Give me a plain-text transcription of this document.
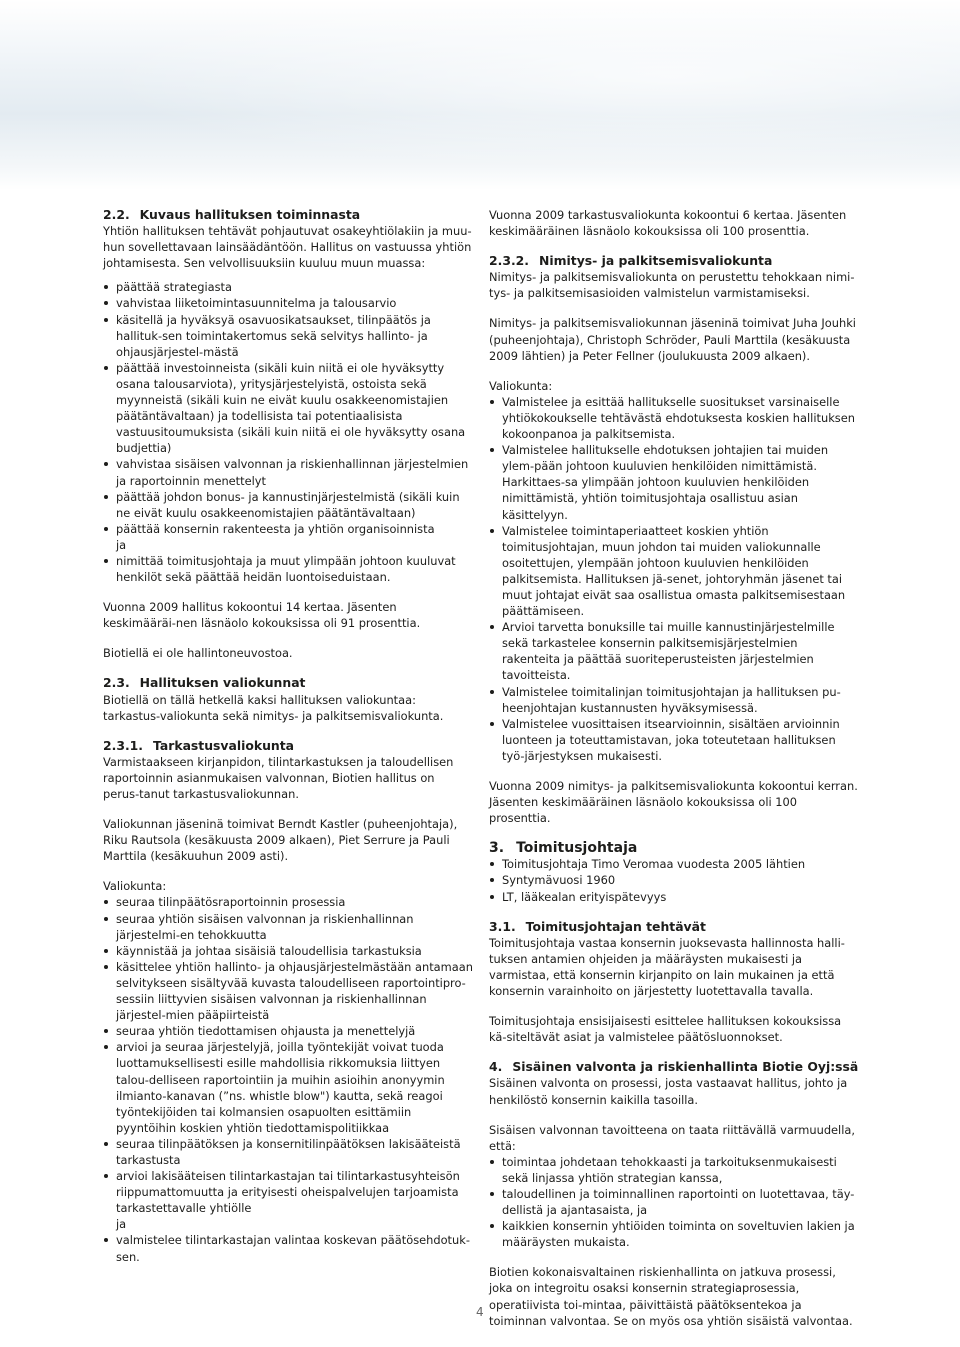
2.2. Kuvaus hallituksen toiminnasta

Yhtiön hallituksen tehtävät pohjautuvat osakeyhtiölakiin ja muu-hun sovellettavaan lainsäädäntöön. Hallitus on vastuussa yhtiön johtamisesta. Sen velvollisuuksiin kuuluu muun muassa:

päättää strategiasta
vahvistaa liiketoimintasuunnitelma ja talousarvio
käsitellä ja hyväksyä osavuosikatsaukset, tilinpäätös ja hallituk-sen toimintakertomus sekä selvitys hallinto- ja ohjausjärjestel-mästä
päättää investoinneista (sikäli kuin niitä ei ole hyväksytty osana talousarviota), yritysjärjestelyistä, ostoista sekä myynneistä (sikäli kuin ne eivät kuulu osakkeenomistajien päätäntävaltaan) ja todellisista tai potentiaalisista vastuusitoumuksista (sikäli kuin niitä ei ole hyväksytty osana budjettia)
vahvistaa sisäisen valvonnan ja riskienhallinnan järjestelmien ja raportoinnin menettelyt
päättää johdon bonus- ja kannustinjärjestelmistä (sikäli kuin ne eivät kuulu osakkeenomistajien päätäntävaltaan)
päättää konsernin rakenteesta ja yhtiön organisoinnista
ja
nimittää toimitusjohtaja ja muut ylimpään johtoon kuuluvat henkilöt sekä päättää heidän luontoiseduistaan.

Vuonna 2009 hallitus kokoontui 14 kertaa. Jäsenten keskimääräi-nen läsnäolo kokouksissa oli 91 prosenttia.

Biotiellä ei ole hallintoneuvostoa.

2.3. Hallituksen valiokunnat

Biotiellä on tällä hetkellä kaksi hallituksen valiokuntaa: tarkastus-valiokunta sekä nimitys- ja palkitsemisvaliokunta.

2.3.1. Tarkastusvaliokunta

Varmistaakseen kirjanpidon, tilintarkastuksen ja taloudellisen raportoinnin asianmukaisen valvonnan, Biotien hallitus on perus-tanut tarkastusvaliokunnan.

Valiokunnan jäseninä toimivat Berndt Kastler (puheenjohtaja), Riku Rautsola (kesäkuusta 2009 alkaen), Piet Serrure ja Pauli Marttila (kesäkuuhun 2009 asti).

Valiokunta:

seuraa tilinpäätösraportoinnin prosessia
seuraa yhtiön sisäisen valvonnan ja riskienhallinnan järjestelmi-en tehokkuutta
käynnistää ja johtaa sisäisiä taloudellisia tarkastuksia
käsittelee yhtiön hallinto- ja ohjausjärjestelmästään antamaan selvitykseen sisältyvää kuvasta taloudelliseen raportointipro-sessiin liittyvien sisäisen valvonnan ja riskienhallinnan järjestel-mien pääpiirteistä
seuraa yhtiön tiedottamisen ohjausta ja menettelyjä
arvioi ja seuraa järjestelyjä, joilla työntekijät voivat tuoda luottamuksellisesti esille mahdollisia rikkomuksia liittyen talou-delliseen raportointiin ja muihin asioihin anonyymin ilmianto-kanavan (”ns. whistle blow") kautta, sekä reagoi työntekijöiden tai kolmansien osapuolten esittämiin pyyntöihin koskien yhtiön tiedottamispolitiikkaa
seuraa tilinpäätöksen ja konsernitilinpäätöksen lakisääteistä tarkastusta
arvioi lakisääteisen tilintarkastajan tai tilintarkastusyhteisön riippumattomuutta ja erityisesti oheispalvelujen tarjoamista tarkastettavalle yhtiölle
ja
valmistelee tilintarkastajan valintaa koskevan päätösehdotuk-sen.

Vuonna 2009 tarkastusvaliokunta kokoontui 6 kertaa. Jäsenten keskimääräinen läsnäolo kokouksissa oli 100 prosenttia.

2.3.2. Nimitys- ja palkitsemisvaliokunta

Nimitys- ja palkitsemisvaliokunta on perustettu tehokkaan nimi-tys- ja palkitsemisasioiden valmistelun varmistamiseksi.

Nimitys- ja palkitsemisvaliokunnan jäseninä toimivat Juha Jouhki (puheenjohtaja), Christoph Schröder, Pauli Marttila (kesäkuusta 2009 lähtien) ja Peter Fellner (joulukuusta 2009 alkaen).

Valiokunta:

Valmistelee ja esittää hallitukselle suositukset varsinaiselle yhtiökokoukselle tehtävästä ehdotuksesta koskien hallituksen kokoonpanoa ja palkitsemista.
Valmistelee hallitukselle ehdotuksen johtajien tai muiden ylem-pään johtoon kuuluvien henkilöiden nimittämistä. Harkittaes-sa ylimpään johtoon kuuluvien henkilöiden nimittämistä, yhtiön toimitusjohtaja osallistuu asian käsittelyyn.
Valmistelee toimintaperiaatteet koskien yhtiön toimitusjohtajan, muun johdon tai muiden valiokunnalle osoitettujen, ylempään johtoon kuuluvien henkilöiden palkitsemista. Hallituksen jä-senet, johtoryhmän jäsenet tai muut johtajat eivät saa osallistua omasta palkitsemisestaan päättämiseen.
Arvioi tarvetta bonuksille tai muille kannustinjärjestelmille sekä tarkastelee konsernin palkitsemisjärjestelmien rakenteita ja päättää suoriteperusteisten järjestelmien tavoitteista.
Valmistelee toimitalinjan toimitusjohtajan ja hallituksen pu-heenjohtajan kustannusten hyväksymisessä.
Valmistelee vuosittaisen itsearvioinnin, sisältäen arvioinnin luonteen ja toteuttamistavan, joka toteutetaan hallituksen työ-järjestyksen mukaisesti.

Vuonna 2009 nimitys- ja palkitsemisvaliokunta kokoontui kerran. Jäsenten keskimääräinen läsnäolo kokouksissa oli 100 prosenttia.

3. Toimitusjohtaja

Toimitusjohtaja Timo Veromaa vuodesta 2005 lähtien
Syntymävuosi 1960
LT, lääkealan erityispätevyys

3.1. Toimitusjohtajan tehtävät

Toimitusjohtaja vastaa konsernin juoksevasta hallinnosta halli-tuksen antamien ohjeiden ja määräysten mukaisesti ja varmistaa, että konsernin kirjanpito on lain mukainen ja että konsernin varainhoito on järjestetty luotettavalla tavalla.

Toimitusjohtaja ensisijaisesti esittelee hallituksen kokouksissa kä-siteltävät asiat ja valmistelee päätösluonnokset.

4. Sisäinen valvonta ja riskienhallinta Biotie Oyj:ssä

Sisäinen valvonta on prosessi, josta vastaavat hallitus, johto ja henkilöstö konsernin kaikilla tasoilla.

Sisäisen valvonnan tavoitteena on taata riittävällä varmuudella, että:

toimintaa johdetaan tehokkaasti ja tarkoituksenmukaisesti sekä linjassa yhtiön strategian kanssa,
taloudellinen ja toiminnallinen raportointi on luotettavaa, täy-dellistä ja ajantasaista, ja
kaikkien konsernin yhtiöiden toiminta on soveltuvien lakien ja määräysten mukaista.

Biotien kokonaisvaltainen riskienhallinta on jatkuva prosessi, joka on integroitu osaksi konsernin strategiaprosessia, operatiivista toi-mintaa, päivittäistä päätöksentekoa ja toiminnan valvontaa. Se on myös osa yhtiön sisäistä valvontaa.

4
